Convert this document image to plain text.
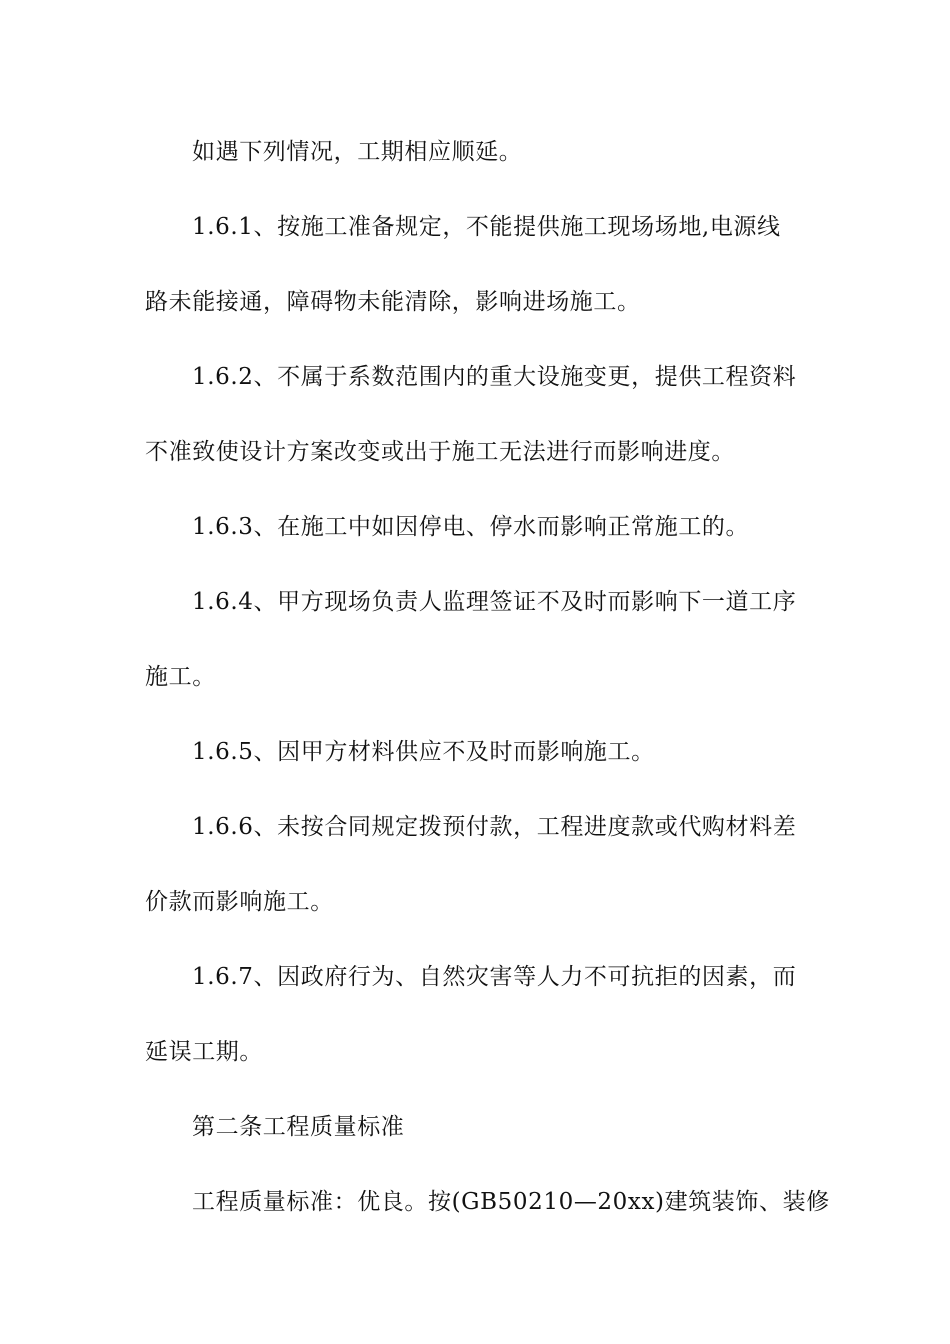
如遇下列情况，工期相应顺延。
1.6.1、按施工准备规定，不能提供施工现场场地,电源线
路未能接通，障碍物未能清除，影响进场施工。
1.6.2、不属于系数范围内的重大设施变更，提供工程资料
不准致使设计方案改变或出于施工无法进行而影响进度。
1.6.3、在施工中如因停电、停水而影响正常施工的。
1.6.4、甲方现场负责人监理签证不及时而影响下一道工序
施工。
1.6.5、因甲方材料供应不及时而影响施工。
1.6.6、未按合同规定拨预付款，工程进度款或代购材料差
价款而影响施工。
1.6.7、因政府行为、自然灾害等人力不可抗拒的因素，而
延误工期。
第二条工程质量标准
工程质量标准：优良。按(GB50210—20xx)建筑装饰、装修
